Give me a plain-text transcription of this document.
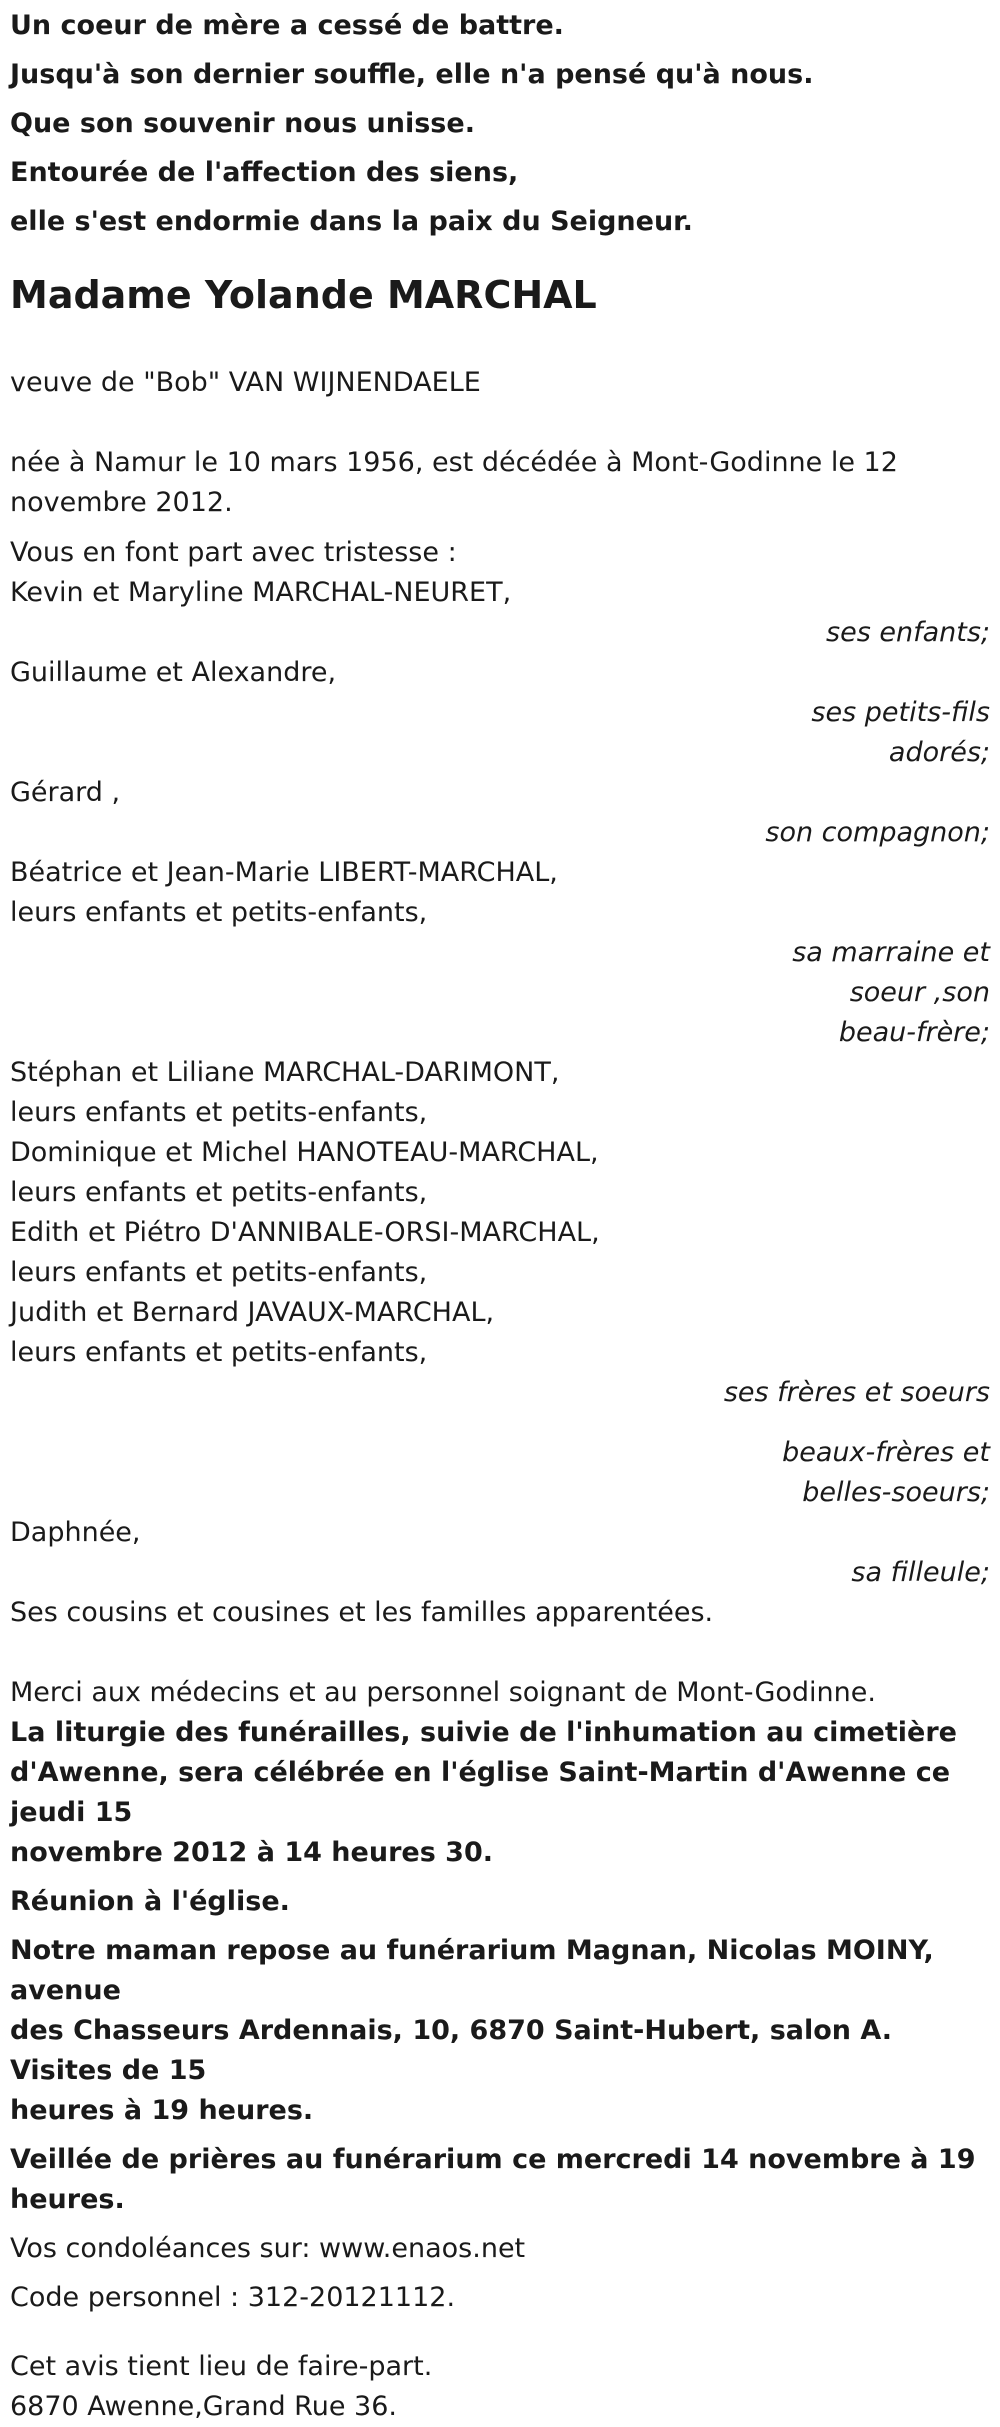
Un coeur de mère a cessé de battre.

Jusqu'à son dernier souffle, elle n'a pensé qu'à nous.

Que son souvenir nous unisse.

Entourée de l'affection des siens,

elle s'est endormie dans la paix du Seigneur.

Madame Yolande MARCHAL

veuve de "Bob" VAN WIJNENDAELE

née à Namur le 10 mars 1956, est décédée à Mont-Godinne le 12

novembre 2012.

Vous en font part avec tristesse :

Kevin et Maryline MARCHAL-NEURET,

ses enfants;

Guillaume et Alexandre,

ses petits-fils

adorés;

Gérard ,

son compagnon;

Béatrice et Jean-Marie LIBERT-MARCHAL,

leurs enfants et petits-enfants,

sa marraine et

soeur ,son

beau-frère;

Stéphan et Liliane MARCHAL-DARIMONT,

leurs enfants et petits-enfants,

Dominique et Michel HANOTEAU-MARCHAL,

leurs enfants et petits-enfants,

Edith et Piétro D'ANNIBALE-ORSI-MARCHAL,

leurs enfants et petits-enfants,

Judith et Bernard JAVAUX-MARCHAL,

leurs enfants et petits-enfants,

ses frères et soeurs

beaux-frères et

belles-soeurs;

Daphnée,

sa filleule;

Ses cousins et cousines et les familles apparentées.

Merci aux médecins et au personnel soignant de Mont-Godinne.

La liturgie des funérailles, suivie de l'inhumation au cimetière

d'Awenne, sera célébrée en l'église Saint-Martin d'Awenne ce jeudi 15

novembre 2012 à 14 heures 30.

Réunion à l'église.

Notre maman repose au funérarium Magnan, Nicolas MOINY, avenue

des Chasseurs Ardennais, 10, 6870 Saint-Hubert, salon A. Visites de 15

heures à 19 heures.

Veillée de prières au funérarium ce mercredi 14 novembre à 19

heures.

Vos condoléances sur: www.enaos.net

Code personnel : 312-20121112.

Cet avis tient lieu de faire-part.

6870 Awenne,Grand Rue 36.
